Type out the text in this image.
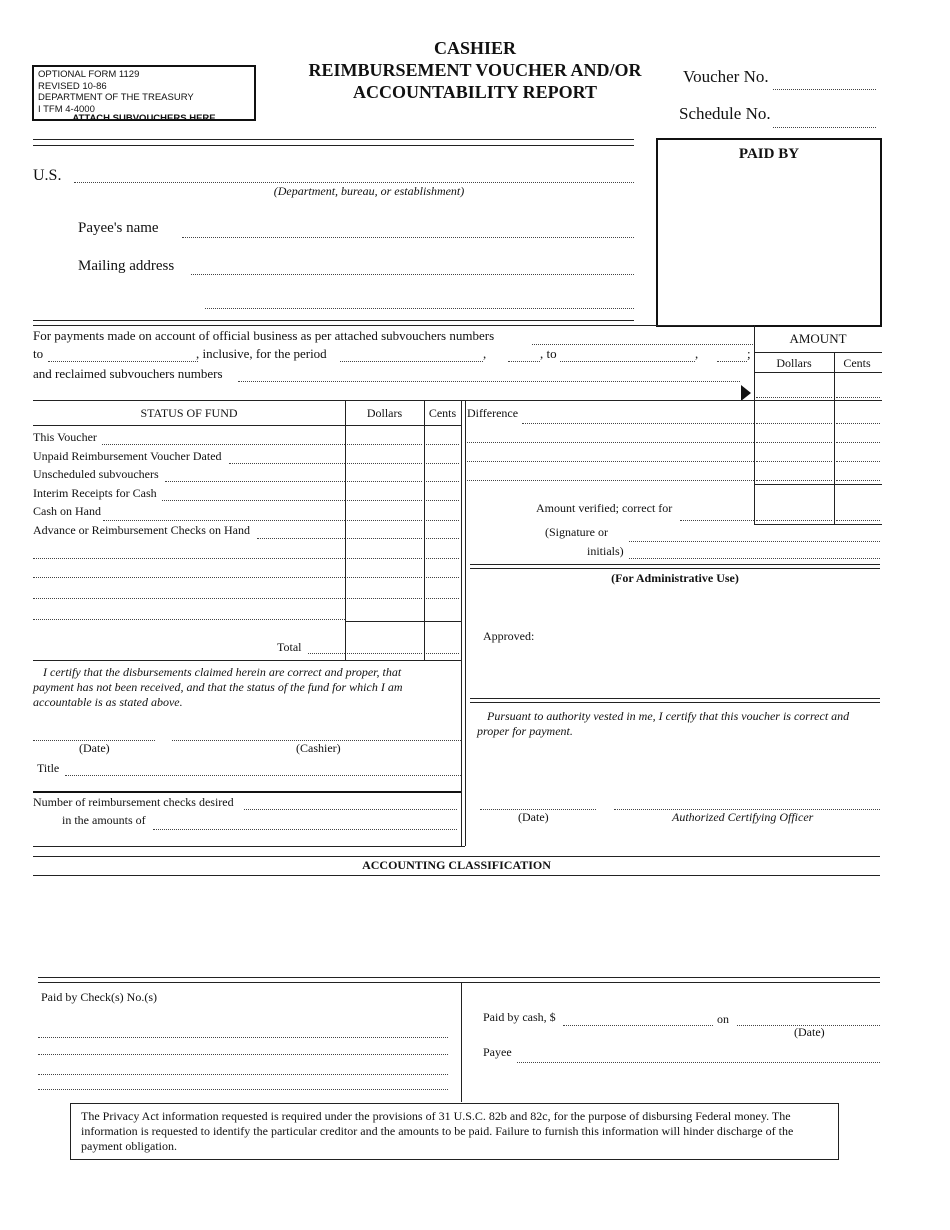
OPTIONAL FORM 1129
REVISED 10-86
DEPARTMENT OF THE TREASURY
I TFM 4-4000
ATTACH SUBVOUCHERS HERE
CASHIER
REIMBURSEMENT VOUCHER AND/OR
ACCOUNTABILITY REPORT
Voucher No.
Schedule No.
PAID BY
U.S.
(Department, bureau, or establishment)
Payee's name
Mailing address
For payments made on account of official business as per attached subvouchers numbers
to	, inclusive, for the period	,	, to	,	;
and reclaimed subvouchers numbers
AMOUNT
Dollars	Cents
STATUS OF FUND	Dollars	Cents
This Voucher
Unpaid Reimbursement Voucher Dated
Unscheduled subvouchers
Interim Receipts for Cash
Cash on Hand
Advance or Reimbursement Checks on Hand
Total
I certify that the disbursements claimed herein are correct and proper, that payment has not been received, and that the status of the fund for which I am accountable is as stated above.
(Date)	(Cashier)
Title
Number of reimbursement checks desired
in the amounts of
Difference
Amount verified; correct for
(Signature or
initials)
(For Administrative Use)
Approved:
Pursuant to authority vested in me, I certify that this voucher is correct and proper for payment.
(Date)	Authorized Certifying Officer
ACCOUNTING CLASSIFICATION
Paid by Check(s) No.(s)
Paid by cash, $	on
(Date)
Payee
The Privacy Act information requested is required under the provisions of 31 U.S.C. 82b and 82c, for the purpose of disbursing Federal money. The information is requested to identify the particular creditor and the amounts to be paid. Failure to furnish this information will hinder discharge of the payment obligation.
